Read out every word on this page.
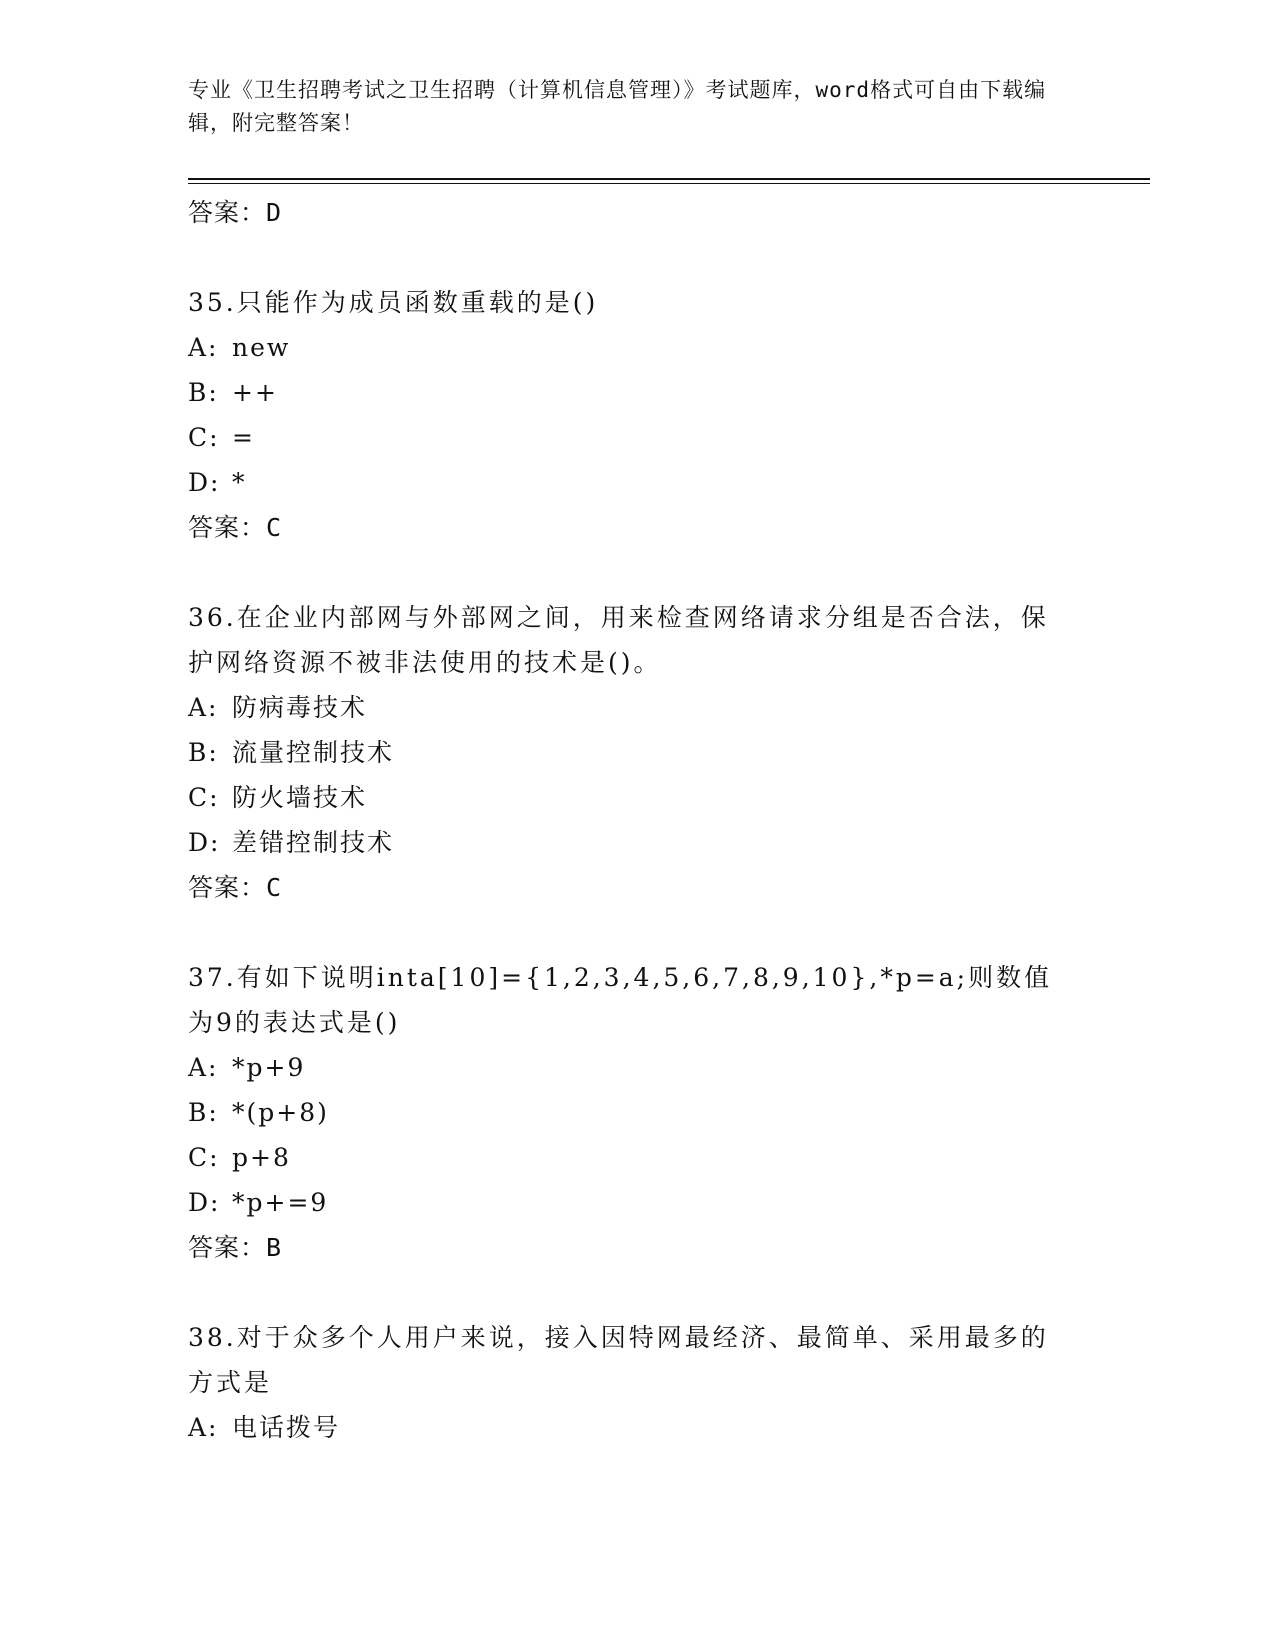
专业《卫生招聘考试之卫生招聘（计算机信息管理）》考试题库，word格式可自由下载编辑，附完整答案！
答案：D
35.只能作为成员函数重载的是()
A: new
B: ++
C: =
D: *
答案：C
36.在企业内部网与外部网之间，用来检查网络请求分组是否合法，保护网络资源不被非法使用的技术是()。
A: 防病毒技术
B: 流量控制技术
C: 防火墙技术
D: 差错控制技术
答案：C
37.有如下说明inta[10]={1,2,3,4,5,6,7,8,9,10},*p=a;则数值为9的表达式是()
A: *p+9
B: *(p+8)
C: p+8
D: *p+=9
答案：B
38.对于众多个人用户来说，接入因特网最经济、最简单、采用最多的方式是
A: 电话拨号
